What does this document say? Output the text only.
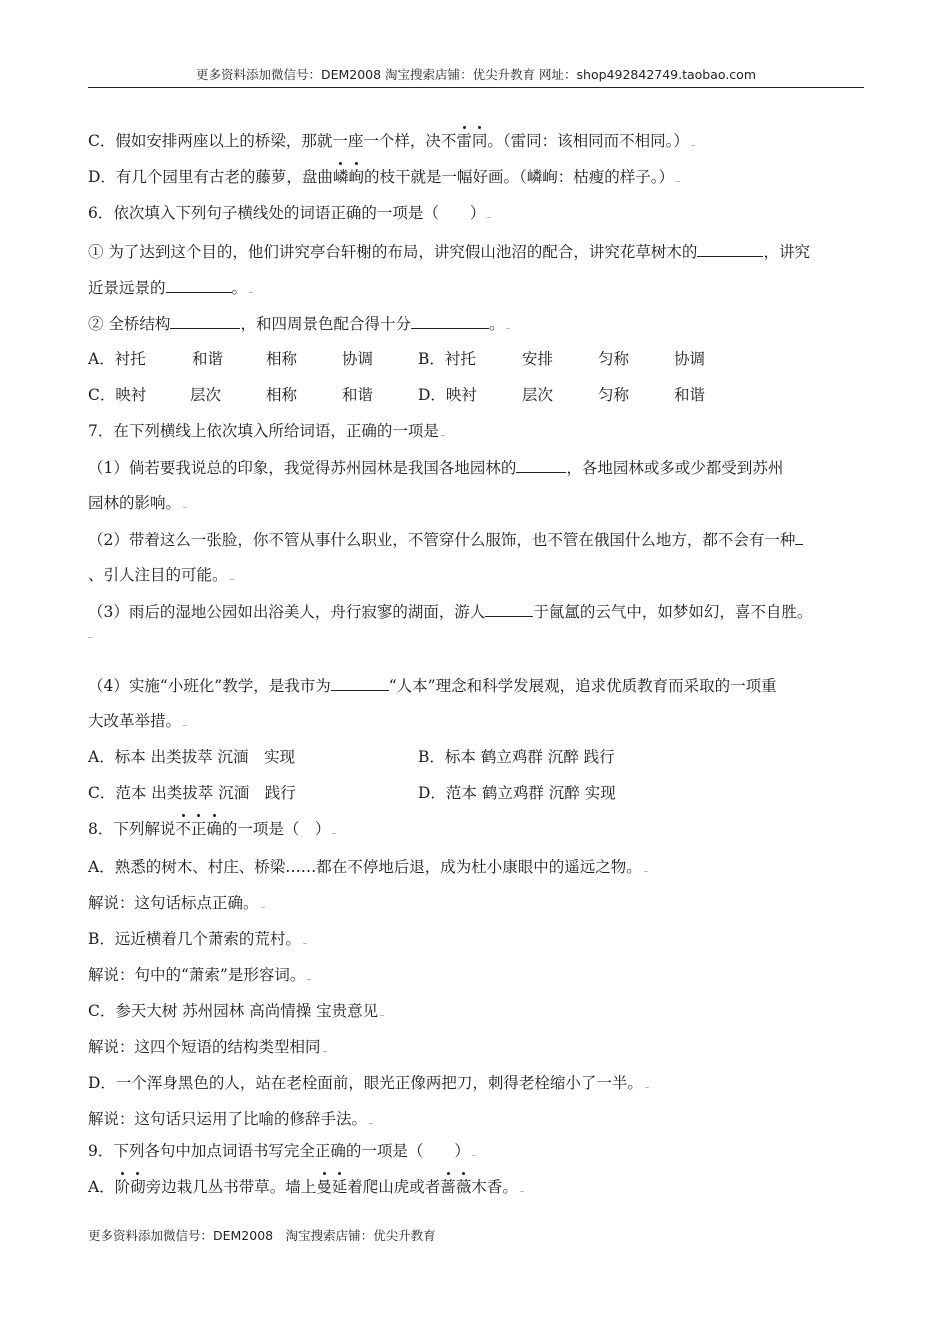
更多资料添加微信号：DEM2008 淘宝搜索店铺：优尖升教育 网址：shop492842749.taobao.com
C．假如安排两座以上的桥梁，那就一座一个样，决不雷同。（雷同：该相同而不相同。）
D．有几个园里有古老的藤萝，盘曲嶙峋的枝干就是一幅好画。（嶙峋：枯瘦的样子。）
6．依次填入下列句子横线处的词语正确的一项是（　　）
① 为了达到这个目的，他们讲究亭台轩榭的布局，讲究假山池沼的配合，讲究花草树木的	，讲究
近景远景的	。
② 全桥结构	，和四周景色配合得十分	。
A．衬托	和谐	相称	协调	B．衬托	安排	匀称	协调
C．映衬	层次	相称	和谐	D．映衬	层次	匀称	和谐
7．在下列横线上依次填入所给词语，正确的一项是
（1）倘若要我说总的印象，我觉得苏州园林是我国各地园林的	，各地园林或多或少都受到苏州
园林的影响。
（2）带着这么一张脸，你不管从事什么职业，不管穿什么服饰，也不管在俄国什么地方，都不会有一种
、引人注目的可能。
（3）雨后的湿地公园如出浴美人，舟行寂寥的湖面，游人	于氤氲的云气中，如梦如幻，喜不自胜。
（4）实施“小班化”教学，是我市为	“人本”理念和科学发展观，追求优质教育而采取的一项重
大改革举措。
A．标本 出类拔萃 沉湎　实现	B．标本 鹤立鸡群 沉醉 践行
C．范本 出类拔萃 沉湎　践行	D．范本 鹤立鸡群 沉醉 实现
8．下列解说不正确的一项是（　）
A．熟悉的树木、村庄、桥梁……都在不停地后退，成为杜小康眼中的遥远之物。
解说：这句话标点正确。
B．远近横着几个萧索的荒村。
解说：句中的“萧索”是形容词。
C．参天大树 苏州园林 高尚情操 宝贵意见
解说：这四个短语的结构类型相同
D．一个浑身黑色的人，站在老栓面前，眼光正像两把刀，刺得老栓缩小了一半。
解说：这句话只运用了比喻的修辞手法。
9．下列各句中加点词语书写完全正确的一项是（　　）
A．阶砌旁边栽几丛书带草。墙上曼延着爬山虎或者蔷薇木香。
更多资料添加微信号：DEM2008　淘宝搜索店铺：优尖升教育
